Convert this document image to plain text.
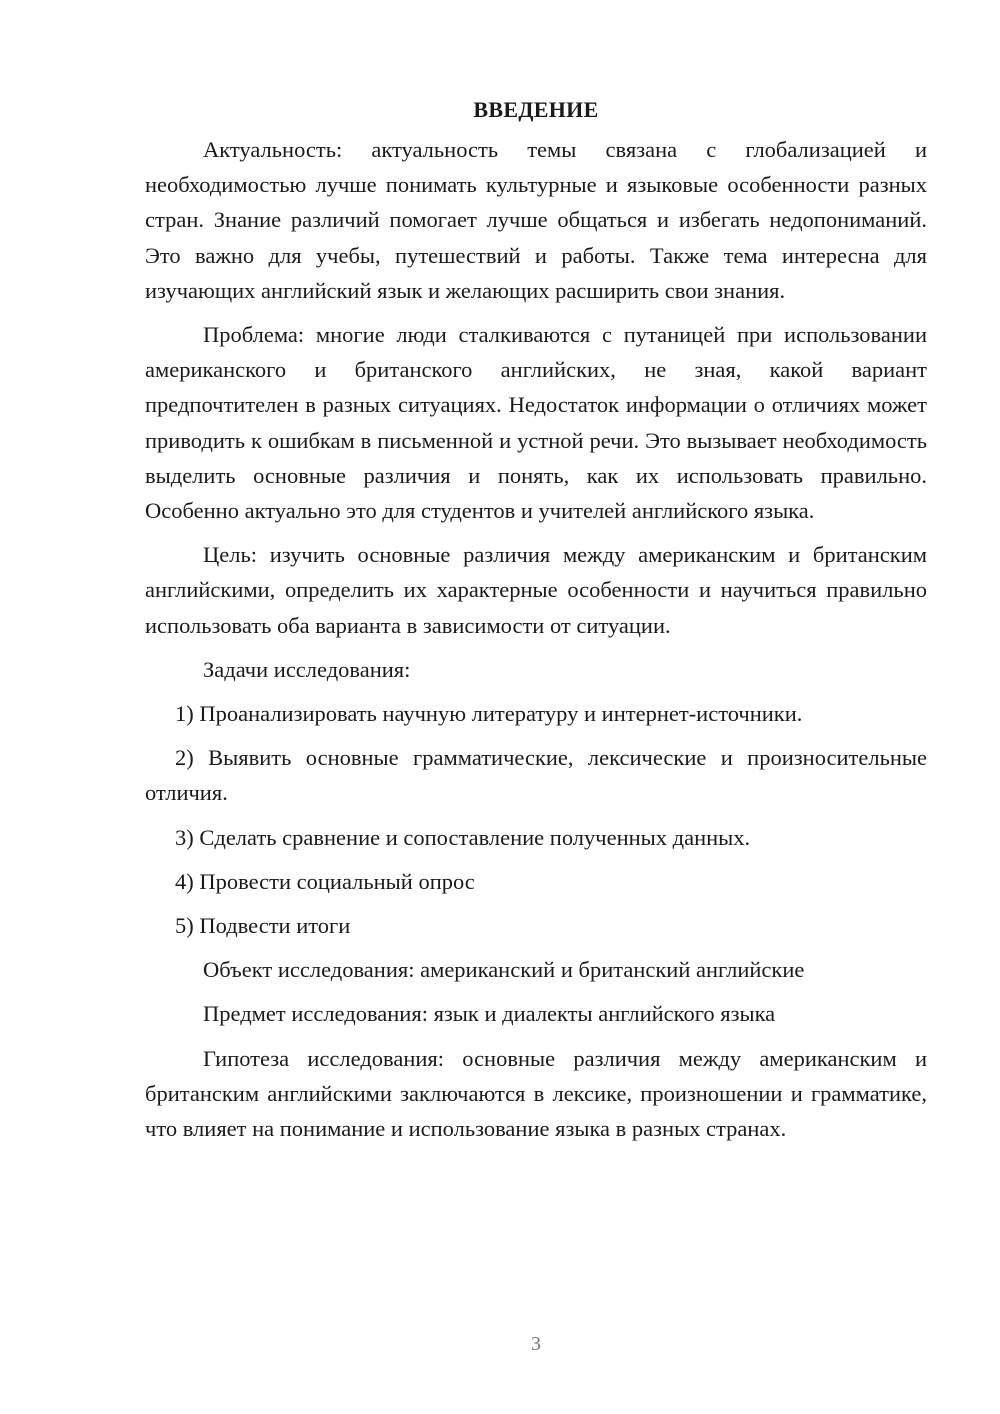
ВВЕДЕНИЕ

Актуальность: актуальность темы связана с глобализацией и необходимостью лучше понимать культурные и языковые особенности разных стран. Знание различий помогает лучше общаться и избегать недопониманий. Это важно для учебы, путешествий и работы. Также тема интересна для изучающих английский язык и желающих расширить свои знания.

Проблема: многие люди сталкиваются с путаницей при использовании американского и британского английских, не зная, какой вариант предпочтителен в разных ситуациях. Недостаток информации о отличиях может приводить к ошибкам в письменной и устной речи. Это вызывает необходимость выделить основные различия и понять, как их использовать правильно. Особенно актуально это для студентов и учителей английского языка.

Цель: изучить основные различия между американским и британским английскими, определить их характерные особенности и научиться правильно использовать оба варианта в зависимости от ситуации.

Задачи исследования:

1) Проанализировать научную литературу и интернет-источники.

2) Выявить основные грамматические, лексические и произносительные отличия.

3) Сделать сравнение и сопоставление полученных данных.

4) Провести социальный опрос

5) Подвести итоги

Объект исследования: американский и британский английские

Предмет исследования: язык и диалекты английского языка

Гипотеза исследования: основные различия между американским и британским английскими заключаются в лексике, произношении и грамматике, что влияет на понимание и использование языка в разных странах.

3
